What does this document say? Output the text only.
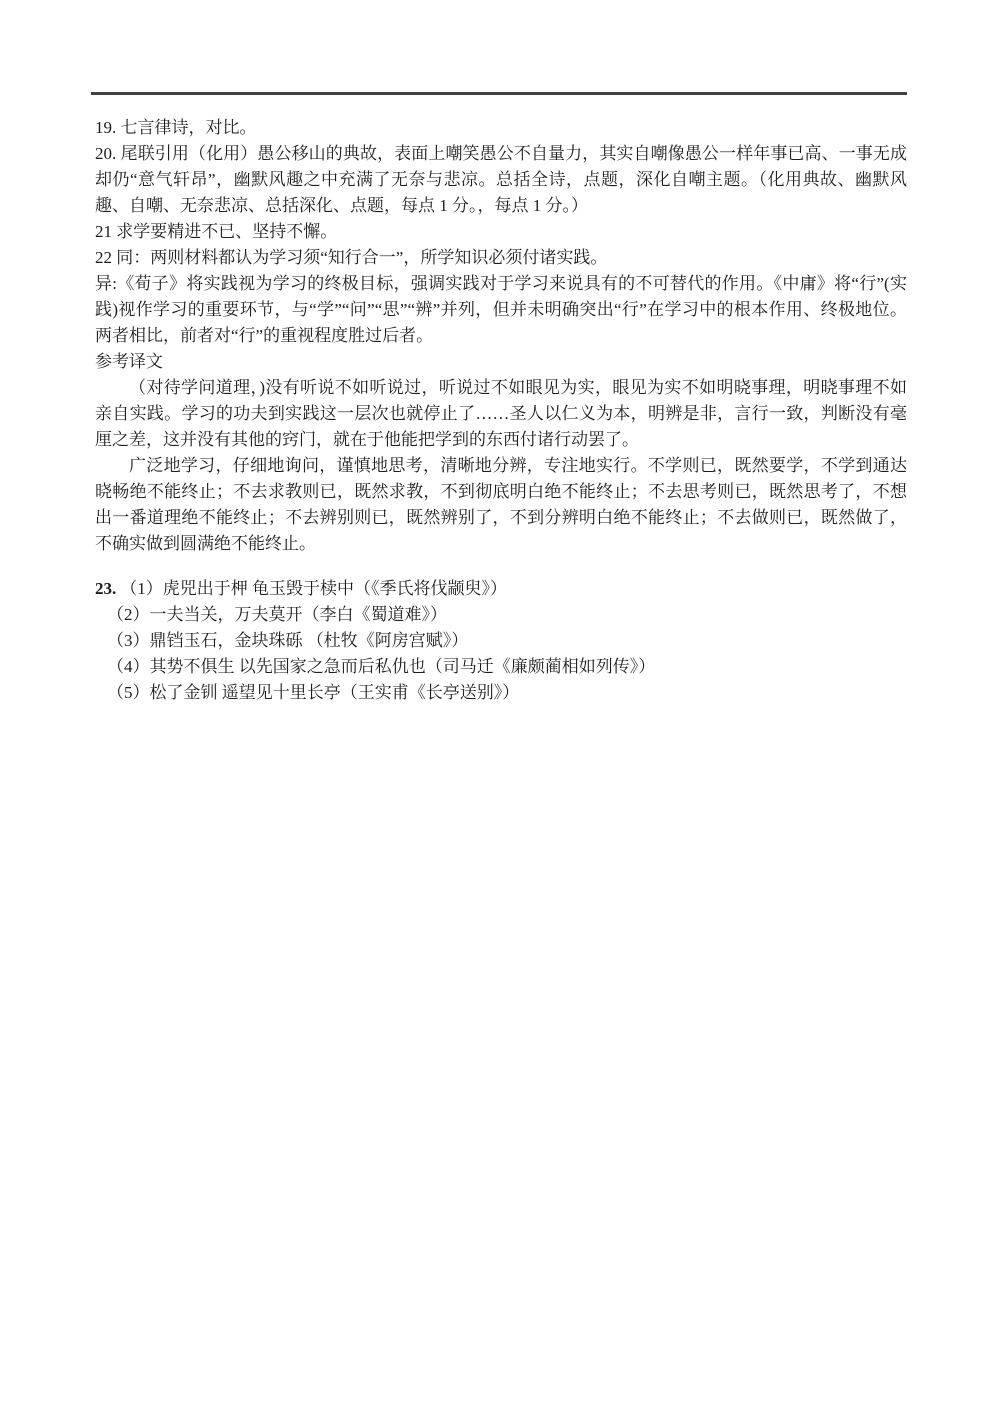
19. 七言律诗，对比。

20. 尾联引用（化用）愚公移山的典故，表面上嘲笑愚公不自量力，其实自嘲像愚公一样年事已高、一事无成却仍“意气轩昂”，幽默风趣之中充满了无奈与悲凉。总括全诗，点题，深化自嘲主题。（化用典故、幽默风趣、自嘲、无奈悲凉、总括深化、点题，每点 1 分。，每点 1 分。）

21 求学要精进不已、坚持不懈。

22 同：两则材料都认为学习须“知行合一”，所学知识必须付诸实践。

异:《荀子》将实践视为学习的终极目标，强调实践对于学习来说具有的不可替代的作用。《中庸》将“行”(实践)视作学习的重要环节，与“学”“问”“思”“辨”并列，但并未明确突出“行”在学习中的根本作用、终极地位。两者相比，前者对“行”的重视程度胜过后者。

参考译文

（对待学问道理，)没有听说不如听说过，听说过不如眼见为实，眼见为实不如明晓事理，明晓事理不如亲自实践。学习的功夫到实践这一层次也就停止了……圣人以仁义为本，明辨是非，言行一致，判断没有毫厘之差，这并没有其他的窍门，就在于他能把学到的东西付诸行动罢了。

广泛地学习，仔细地询问，谨慎地思考，清晰地分辨，专注地实行。不学则已，既然要学，不学到通达晓畅绝不能终止；不去求教则已，既然求教，不到彻底明白绝不能终止；不去思考则已，既然思考了，不想出一番道理绝不能终止；不去辨别则已，既然辨别了，不到分辨明白绝不能终止；不去做则已，既然做了，不确实做到圆满绝不能终止。

23. （1）虎兕出于柙 龟玉毁于椟中（《季氏将伐颛臾》）

（2）一夫当关，万夫莫开（李白《蜀道难》）

（3）鼎铛玉石，金块珠砾 （杜牧《阿房宫赋》）

（4）其势不俱生 以先国家之急而后私仇也（司马迁《廉颇蔺相如列传》）

（5）松了金钏 遥望见十里长亭（王实甫《长亭送别》）
